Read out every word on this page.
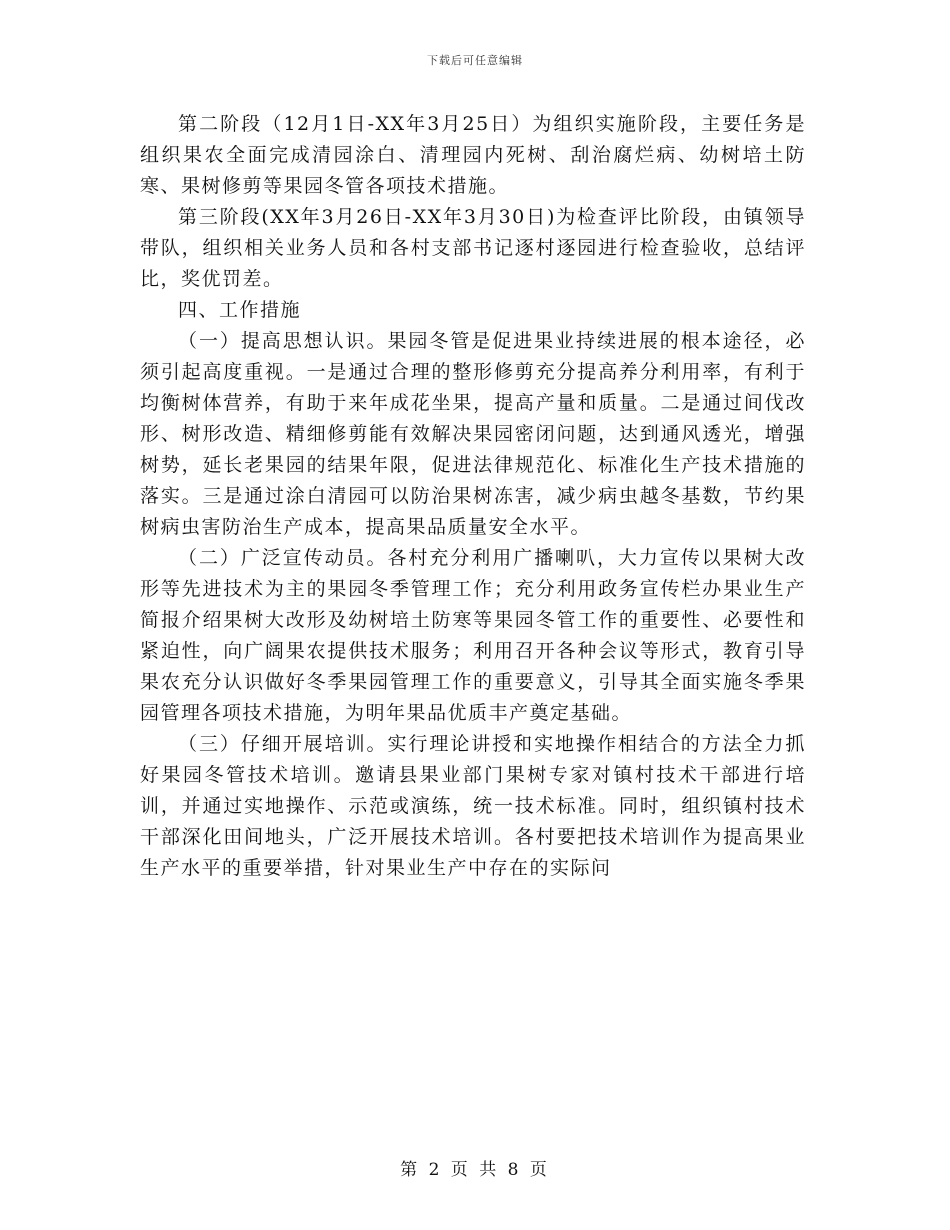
下载后可任意编辑

第二阶段（12月1日-XX年3月25日）为组织实施阶段，主要任务是组织果农全面完成清园涂白、清理园内死树、刮治腐烂病、幼树培土防寒、果树修剪等果园冬管各项技术措施。

第三阶段(XX年3月26日-XX年3月30日)为检查评比阶段，由镇领导带队，组织相关业务人员和各村支部书记逐村逐园进行检查验收，总结评比，奖优罚差。

四、工作措施

（一）提高思想认识。果园冬管是促进果业持续进展的根本途径，必须引起高度重视。一是通过合理的整形修剪充分提高养分利用率，有利于均衡树体营养，有助于来年成花坐果，提高产量和质量。二是通过间伐改形、树形改造、精细修剪能有效解决果园密闭问题，达到通风透光，增强树势，延长老果园的结果年限，促进法律规范化、标准化生产技术措施的落实。三是通过涂白清园可以防治果树冻害，减少病虫越冬基数，节约果树病虫害防治生产成本，提高果品质量安全水平。

（二）广泛宣传动员。各村充分利用广播喇叭，大力宣传以果树大改形等先进技术为主的果园冬季管理工作；充分利用政务宣传栏办果业生产简报介绍果树大改形及幼树培土防寒等果园冬管工作的重要性、必要性和紧迫性，向广阔果农提供技术服务；利用召开各种会议等形式，教育引导果农充分认识做好冬季果园管理工作的重要意义，引导其全面实施冬季果园管理各项技术措施，为明年果品优质丰产奠定基础。

（三）仔细开展培训。实行理论讲授和实地操作相结合的方法全力抓好果园冬管技术培训。邀请县果业部门果树专家对镇村技术干部进行培训，并通过实地操作、示范或演练，统一技术标准。同时，组织镇村技术干部深化田间地头，广泛开展技术培训。各村要把技术培训作为提高果业生产水平的重要举措，针对果业生产中存在的实际问

第 2 页 共 8 页
